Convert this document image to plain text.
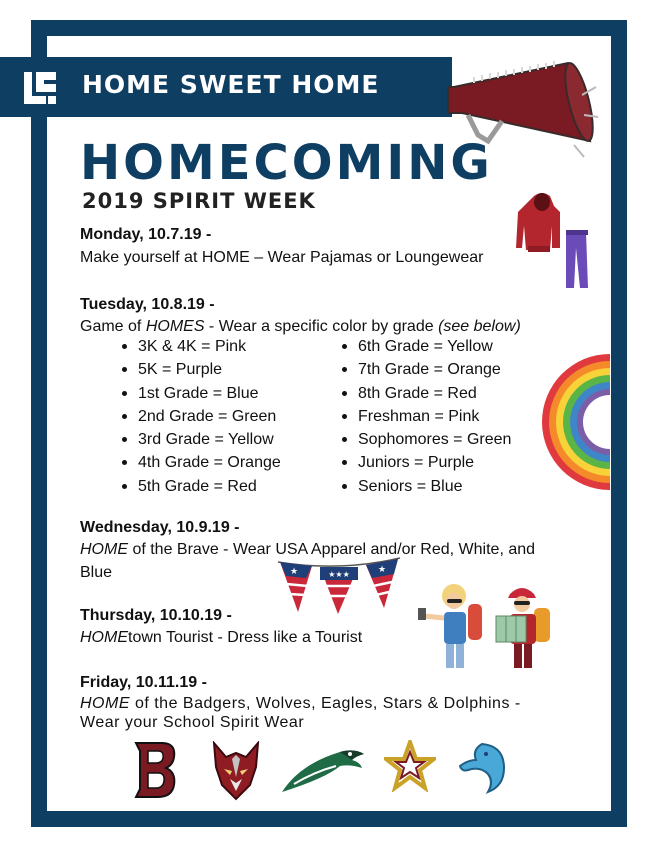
HOME SWEET HOME
HOMECOMING
2019 SPIRIT WEEK
Monday, 10.7.19 -
Make yourself at HOME – Wear Pajamas or Loungewear
Tuesday, 10.8.19 -
Game of HOMES - Wear a specific color by grade (see below)
3K & 4K = Pink
5K = Purple
1st Grade = Blue
2nd Grade = Green
3rd Grade = Yellow
4th Grade = Orange
5th Grade = Red
6th Grade = Yellow
7th Grade = Orange
8th Grade = Red
Freshman = Pink
Sophomores = Green
Juniors = Purple
Seniors = Blue
Wednesday, 10.9.19 -
HOME of the Brave - Wear USA Apparel and/or Red, White, and
Blue	★	★★★
★
Thursday, 10.10.19 -
HOMEtown Tourist - Dress like a Tourist
Friday, 10.11.19 -
HOME of the Badgers, Wolves, Eagles, Stars & Dolphins -
Wear your School Spirit Wear
